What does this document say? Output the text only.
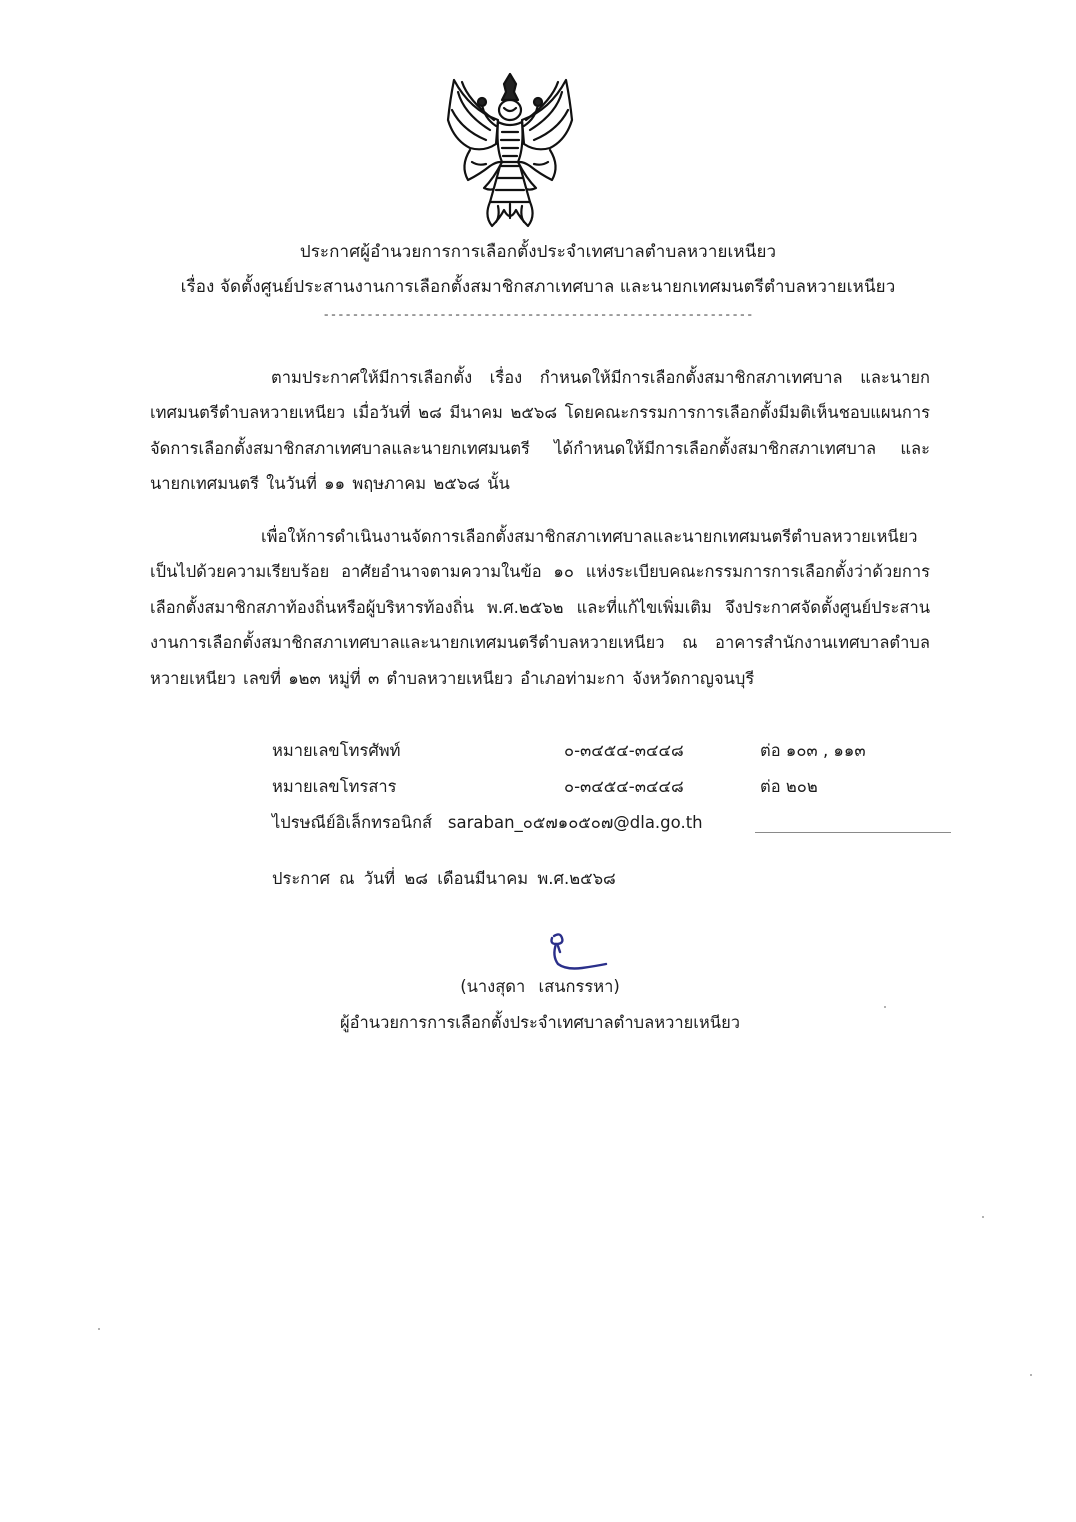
ประกาศผู้อำนวยการการเลือกตั้งประจำเทศบาลตำบลหวายเหนียว
เรื่อง จัดตั้งศูนย์ประสานงานการเลือกตั้งสมาชิกสภาเทศบาล และนายกเทศมนตรีตำบลหวายเหนียว
-----------------------------------------------------------
ตามประกาศให้มีการเลือกตั้ง เรื่อง กำหนดให้มีการเลือกตั้งสมาชิกสภาเทศบาล และนายกเทศมนตรีตำบลหวายเหนียว เมื่อวันที่ ๒๘ มีนาคม ๒๕๖๘ โดยคณะกรรมการการเลือกตั้งมีมติเห็นชอบแผนการจัดการเลือกตั้งสมาชิกสภาเทศบาลและนายกเทศมนตรี ได้กำหนดให้มีการเลือกตั้งสมาชิกสภาเทศบาล และนายกเทศมนตรี ในวันที่ ๑๑ พฤษภาคม ๒๕๖๘ นั้น
เพื่อให้การดำเนินงานจัดการเลือกตั้งสมาชิกสภาเทศบาลและนายกเทศมนตรีตำบลหวายเหนียว เป็นไปด้วยความเรียบร้อย อาศัยอำนาจตามความในข้อ ๑๐ แห่งระเบียบคณะกรรมการการเลือกตั้งว่าด้วยการเลือกตั้งสมาชิกสภาท้องถิ่นหรือผู้บริหารท้องถิ่น พ.ศ.๒๕๖๒ และที่แก้ไขเพิ่มเติม จึงประกาศจัดตั้งศูนย์ประสานงานการเลือกตั้งสมาชิกสภาเทศบาลและนายกเทศมนตรีตำบลหวายเหนียว ณ อาคารสำนักงานเทศบาลตำบลหวายเหนียว เลขที่ ๑๒๓ หมู่ที่ ๓ ตำบลหวายเหนียว อำเภอท่ามะกา จังหวัดกาญจนบุรี
หมายเลขโทรศัพท์	๐-๓๔๕๔-๓๔๔๘	ต่อ ๑๐๓ , ๑๑๓
หมายเลขโทรสาร	๐-๓๔๕๔-๓๔๔๘	ต่อ ๒๐๒
ไปรษณีย์อิเล็กทรอนิกส์ saraban_๐๕๗๑๐๕๐๗@dla.go.th
ประกาศ ณ วันที่ ๒๘ เดือนมีนาคม พ.ศ.๒๕๖๘
(นางสุดา เสนกรรหา)
ผู้อำนวยการการเลือกตั้งประจำเทศบาลตำบลหวายเหนียว
